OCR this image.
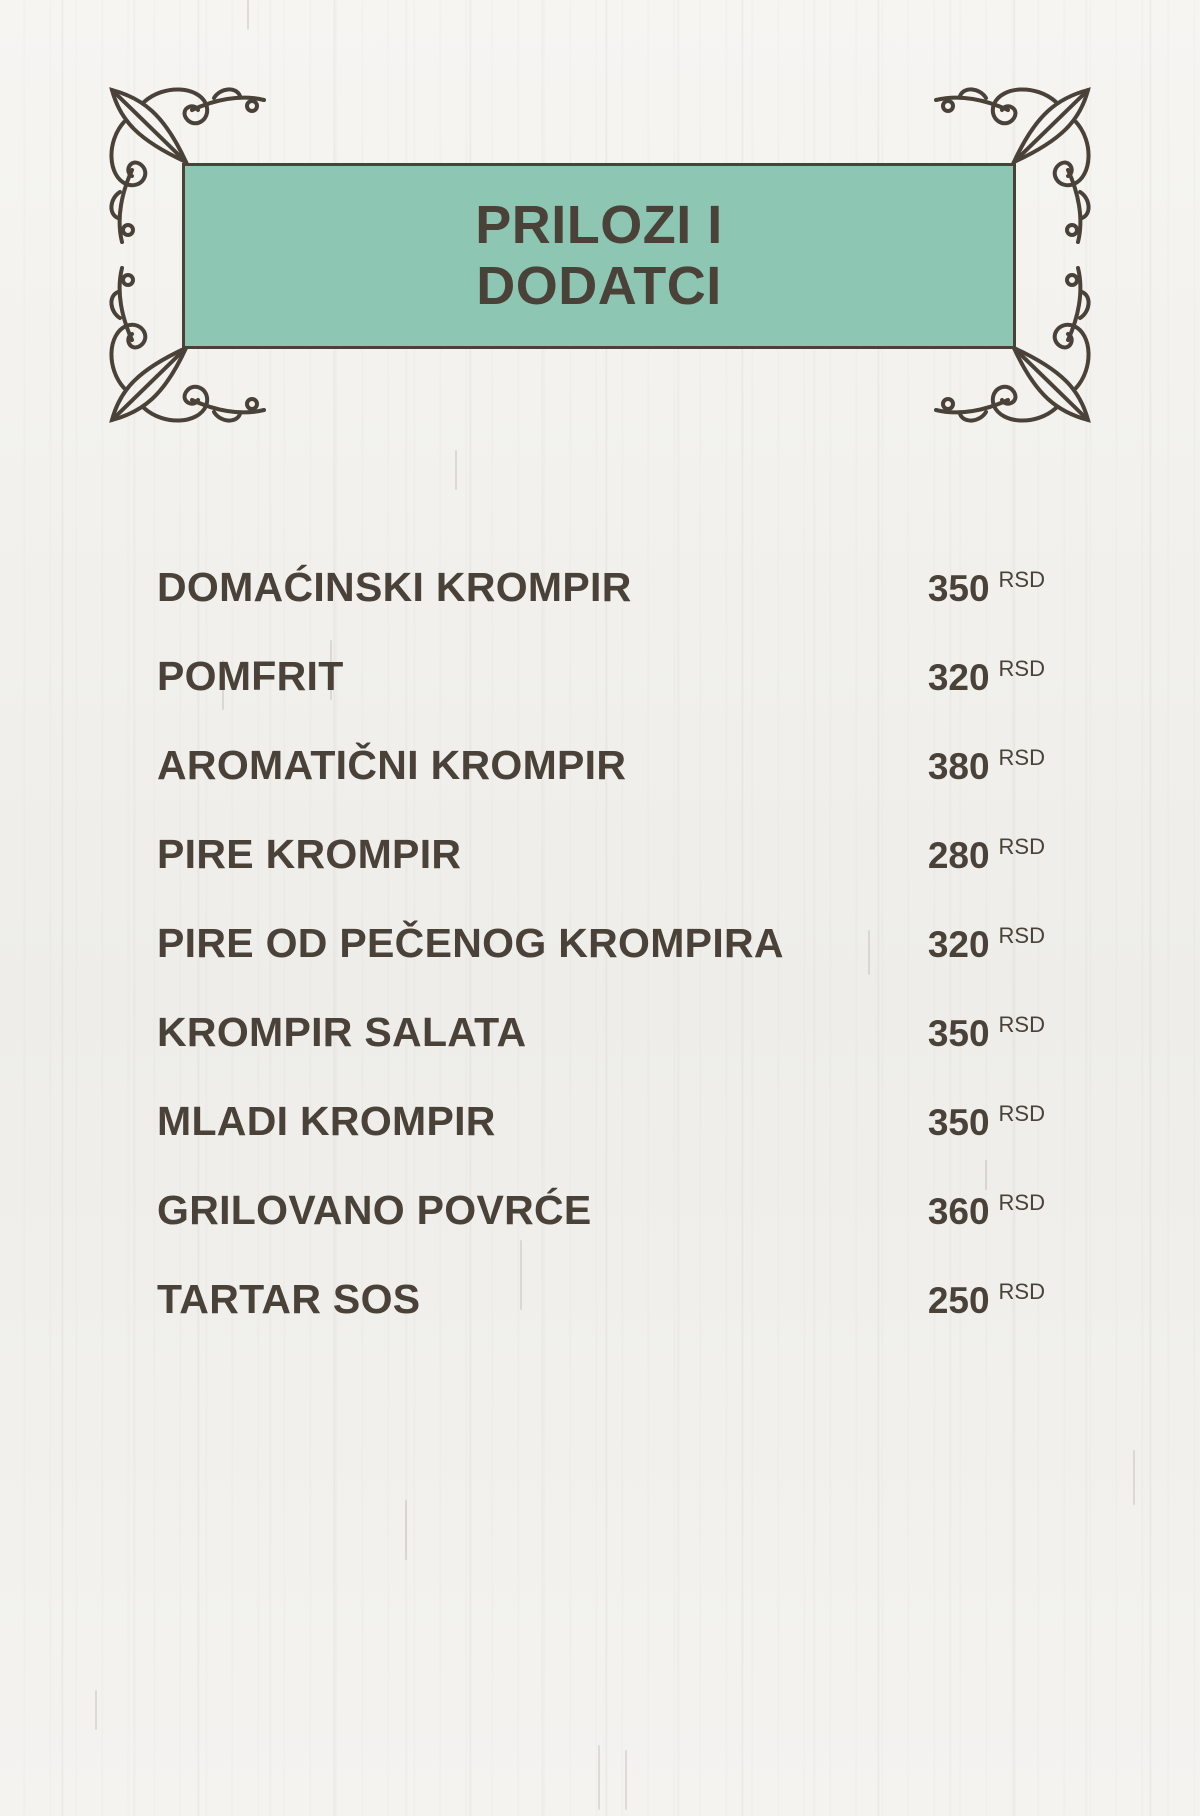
PRILOZI I
DODATCI
DOMAĆINSKI KROMPIR	350 RSD
POMFRIT	320 RSD
AROMATIČNI KROMPIR	380 RSD
PIRE KROMPIR	280 RSD
PIRE OD PEČENOG KROMPIRA	320 RSD
KROMPIR SALATA	350 RSD
MLADI KROMPIR	350 RSD
GRILOVANO POVRĆE	360 RSD
TARTAR SOS	250 RSD
